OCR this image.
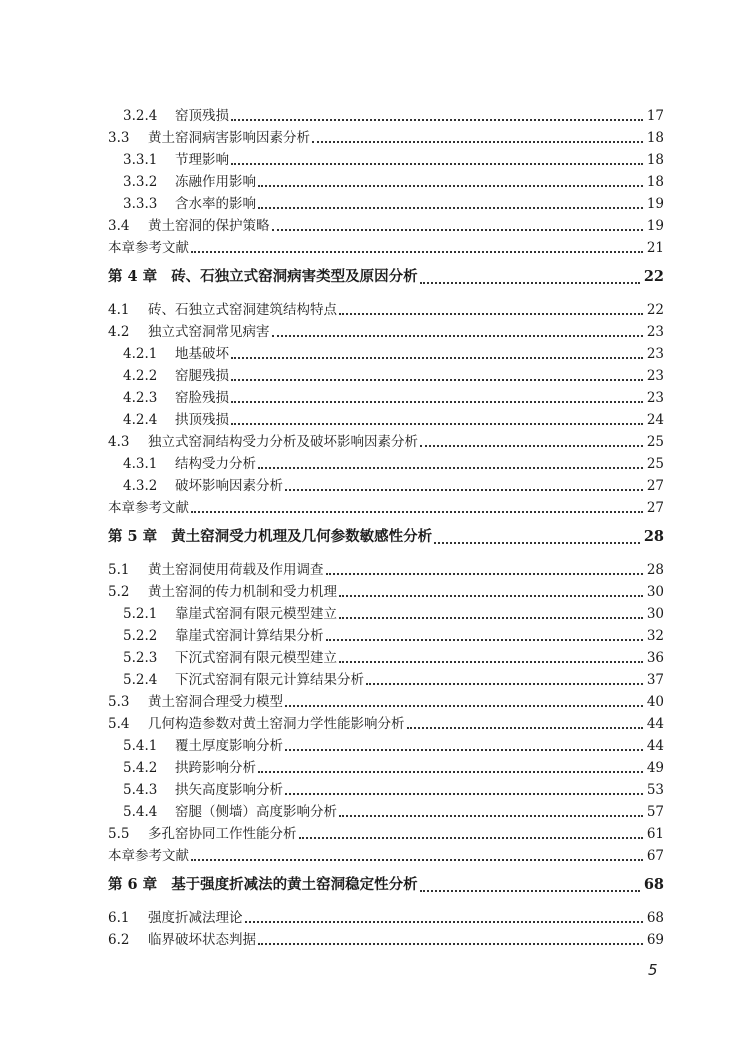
3.2.4	窑顶残损	17
3.3	黄土窑洞病害影响因素分析	18
3.3.1	节理影响	18
3.3.2	冻融作用影响	18
3.3.3	含水率的影响	19
3.4	黄土窑洞的保护策略	19
本章参考文献	21
第 4 章 砖、石独立式窑洞病害类型及原因分析	22
4.1	砖、石独立式窑洞建筑结构特点	22
4.2	独立式窑洞常见病害	23
4.2.1	地基破坏	23
4.2.2	窑腿残损	23
4.2.3	窑脸残损	23
4.2.4	拱顶残损	24
4.3	独立式窑洞结构受力分析及破坏影响因素分析	25
4.3.1	结构受力分析	25
4.3.2	破坏影响因素分析	27
本章参考文献	27
第 5 章 黄土窑洞受力机理及几何参数敏感性分析	28
5.1	黄土窑洞使用荷载及作用调查	28
5.2	黄土窑洞的传力机制和受力机理	30
5.2.1	靠崖式窑洞有限元模型建立	30
5.2.2	靠崖式窑洞计算结果分析	32
5.2.3	下沉式窑洞有限元模型建立	36
5.2.4	下沉式窑洞有限元计算结果分析	37
5.3	黄土窑洞合理受力模型	40
5.4	几何构造参数对黄土窑洞力学性能影响分析	44
5.4.1	覆土厚度影响分析	44
5.4.2	拱跨影响分析	49
5.4.3	拱矢高度影响分析	53
5.4.4	窑腿（侧墙）高度影响分析	57
5.5	多孔窑协同工作性能分析	61
本章参考文献	67
第 6 章 基于强度折减法的黄土窑洞稳定性分析	68
6.1	强度折减法理论	68
6.2	临界破坏状态判据	69
5
